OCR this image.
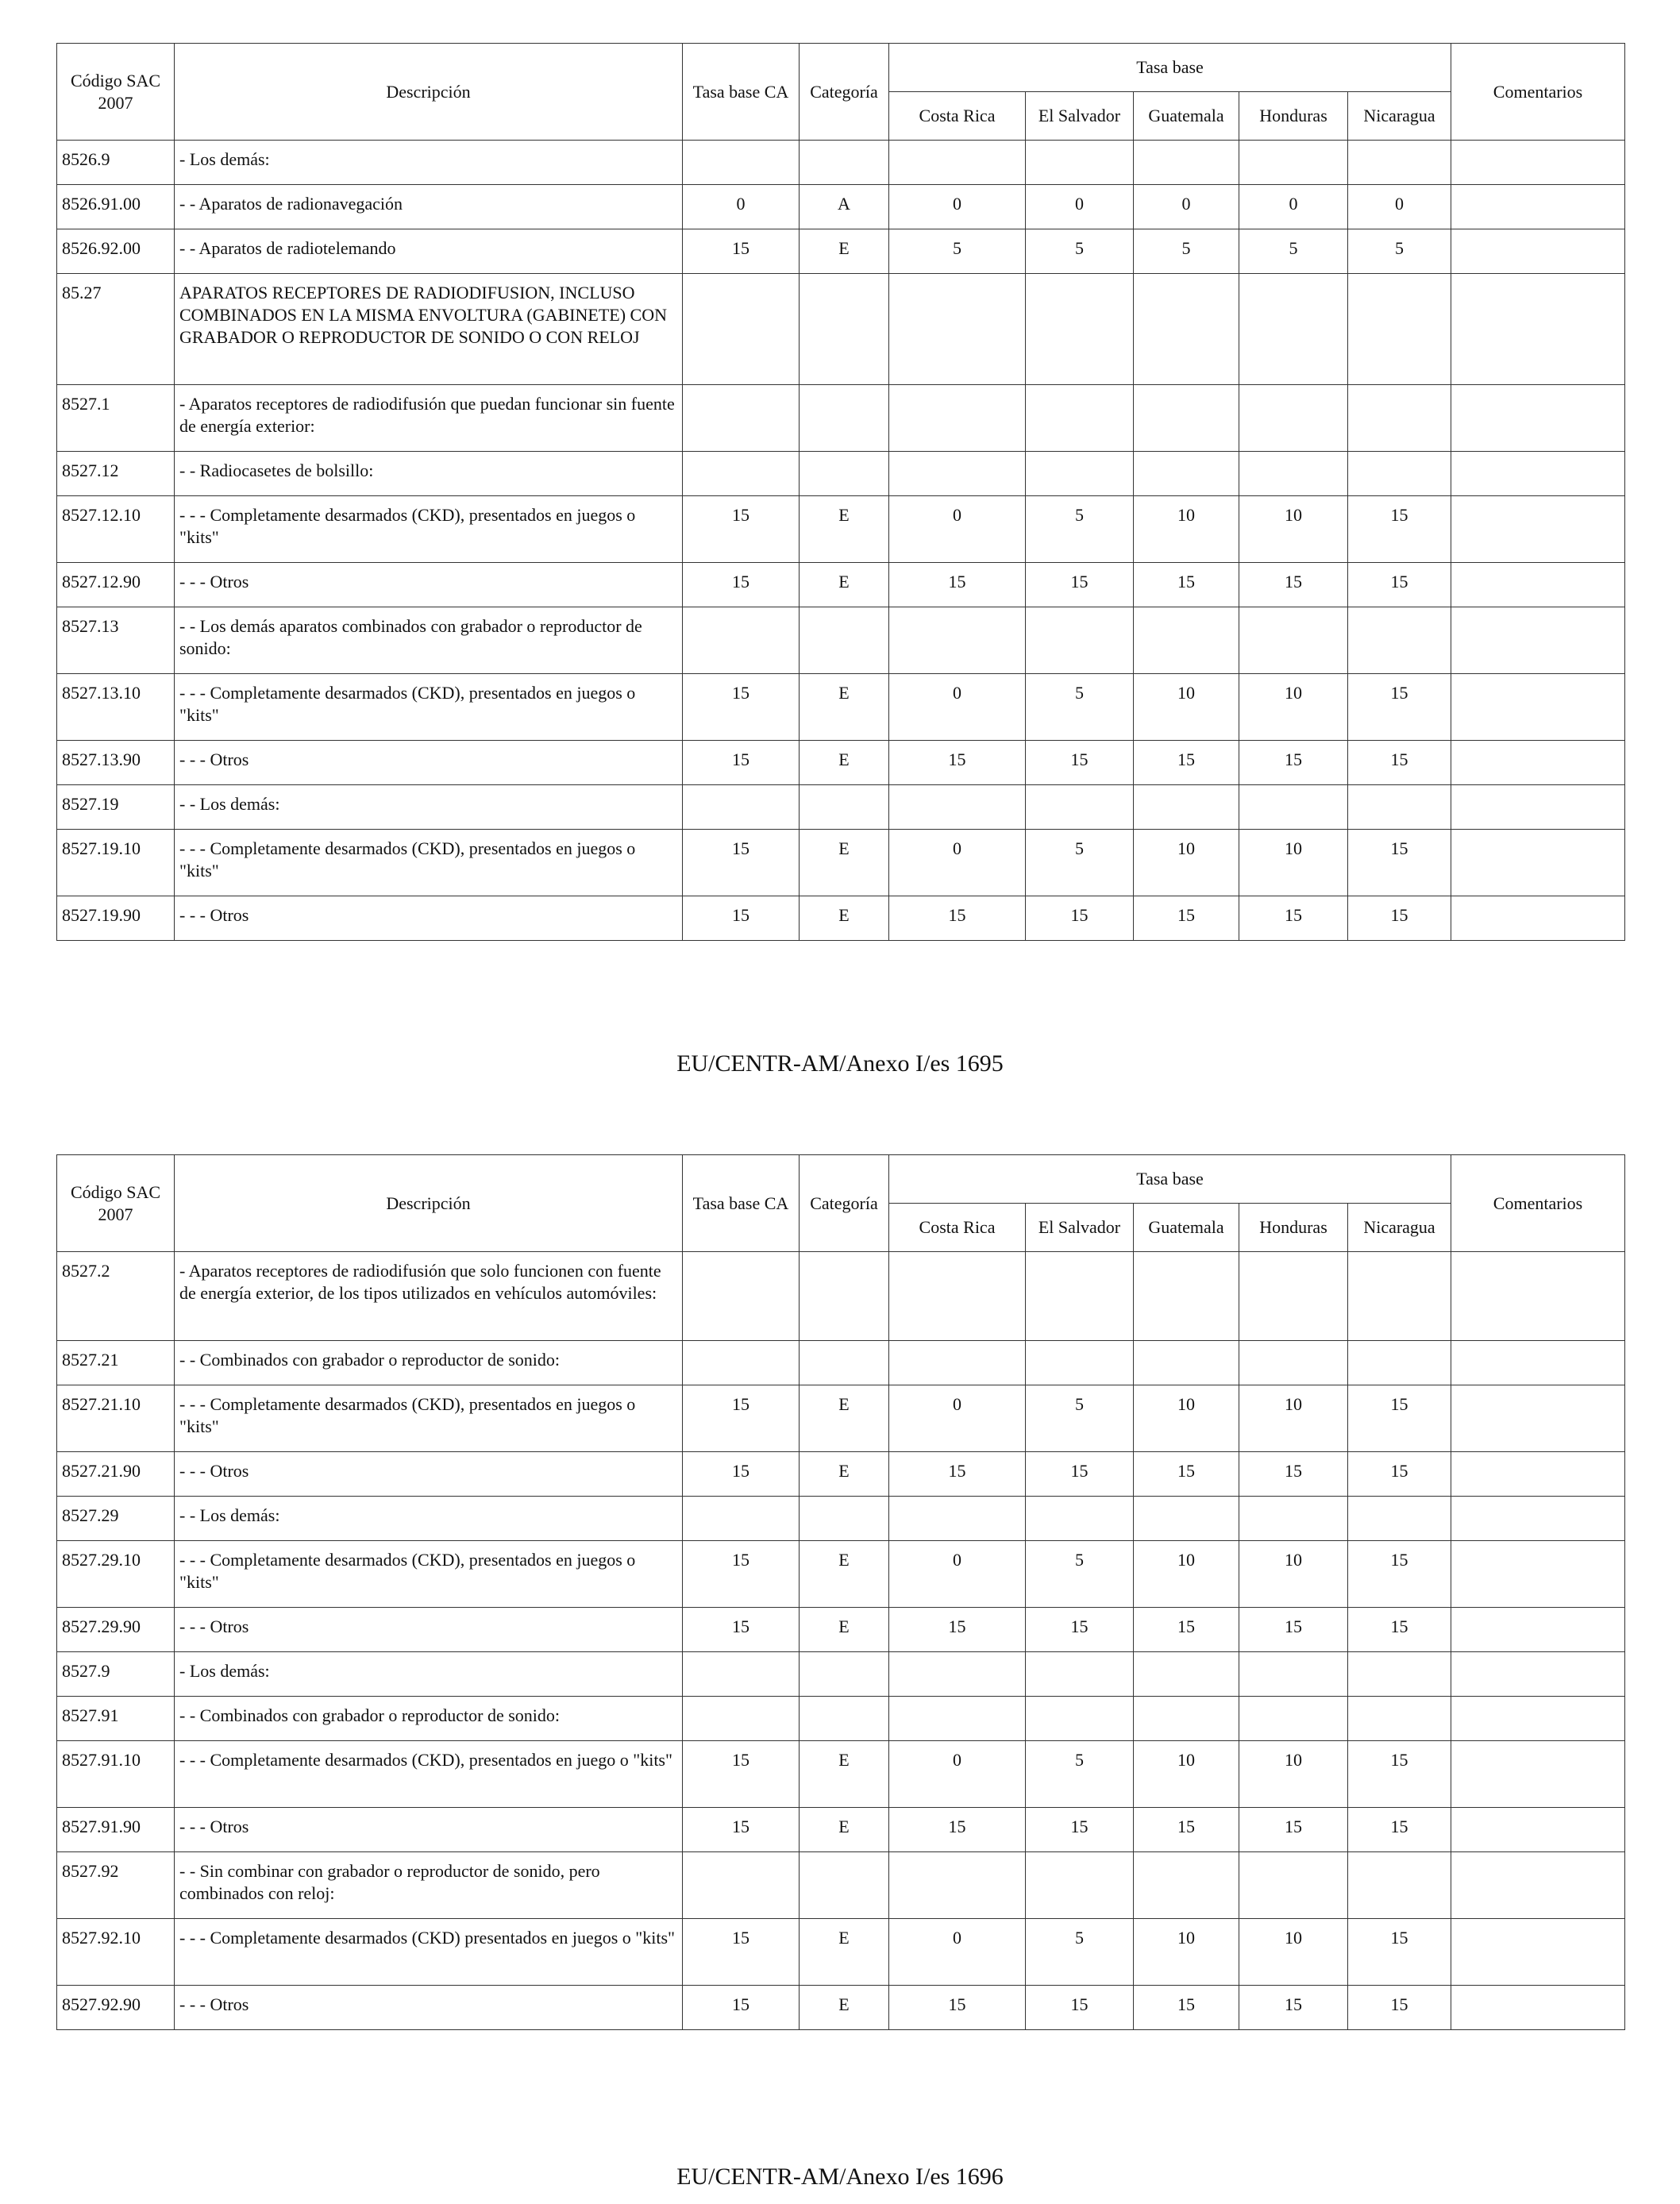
Código SAC 2007	Descripción	Tasa base CA	Categoría	Tasa base					Comentarios
				Costa Rica	El Salvador	Guatemala	Honduras	Nicaragua	
8526.9	- Los demás:								
8526.91.00	- - Aparatos de radionavegación	0	A	0	0	0	0	0	
8526.92.00	- - Aparatos de radiotelemando	15	E	5	5	5	5	5	
85.27	APARATOS RECEPTORES DE RADIODIFUSION, INCLUSO COMBINADOS EN LA MISMA ENVOLTURA (GABINETE) CON GRABADOR O REPRODUCTOR DE SONIDO O CON RELOJ								
8527.1	- Aparatos receptores de radiodifusión que puedan funcionar sin fuente de energía exterior:								
8527.12	- - Radiocasetes de bolsillo:								
8527.12.10	- - - Completamente desarmados (CKD), presentados en juegos o "kits"	15	E	0	5	10	10	15	
8527.12.90	- - - Otros	15	E	15	15	15	15	15	
8527.13	- - Los demás aparatos combinados con grabador o reproductor de sonido:								
8527.13.10	- - - Completamente desarmados (CKD), presentados en juegos o "kits"	15	E	0	5	10	10	15	
8527.13.90	- - - Otros	15	E	15	15	15	15	15	
8527.19	- - Los demás:								
8527.19.10	- - - Completamente desarmados (CKD), presentados en juegos o "kits"	15	E	0	5	10	10	15	
8527.19.90	- - - Otros	15	E	15	15	15	15	15	
EU/CENTR-AM/Anexo I/es 1695
Código SAC 2007	Descripción	Tasa base CA	Categoría	Tasa base					Comentarios
				Costa Rica	El Salvador	Guatemala	Honduras	Nicaragua	
8527.2	- Aparatos receptores de radiodifusión que solo funcionen con fuente de energía exterior, de los tipos utilizados en vehículos automóviles:								
8527.21	- - Combinados con grabador o reproductor de sonido:								
8527.21.10	- - - Completamente desarmados (CKD), presentados en juegos o "kits"	15	E	0	5	10	10	15	
8527.21.90	- - - Otros	15	E	15	15	15	15	15	
8527.29	- - Los demás:								
8527.29.10	- - - Completamente desarmados (CKD), presentados en juegos o "kits"	15	E	0	5	10	10	15	
8527.29.90	- - - Otros	15	E	15	15	15	15	15	
8527.9	- Los demás:								
8527.91	- - Combinados con grabador o reproductor de sonido:								
8527.91.10	- - - Completamente desarmados (CKD), presentados en juego o "kits"	15	E	0	5	10	10	15	
8527.91.90	- - - Otros	15	E	15	15	15	15	15	
8527.92	- - Sin combinar con grabador o reproductor de sonido, pero combinados con reloj:								
8527.92.10	- - - Completamente desarmados (CKD) presentados en juegos o "kits"	15	E	0	5	10	10	15	
8527.92.90	- - - Otros	15	E	15	15	15	15	15	
EU/CENTR-AM/Anexo I/es 1696
